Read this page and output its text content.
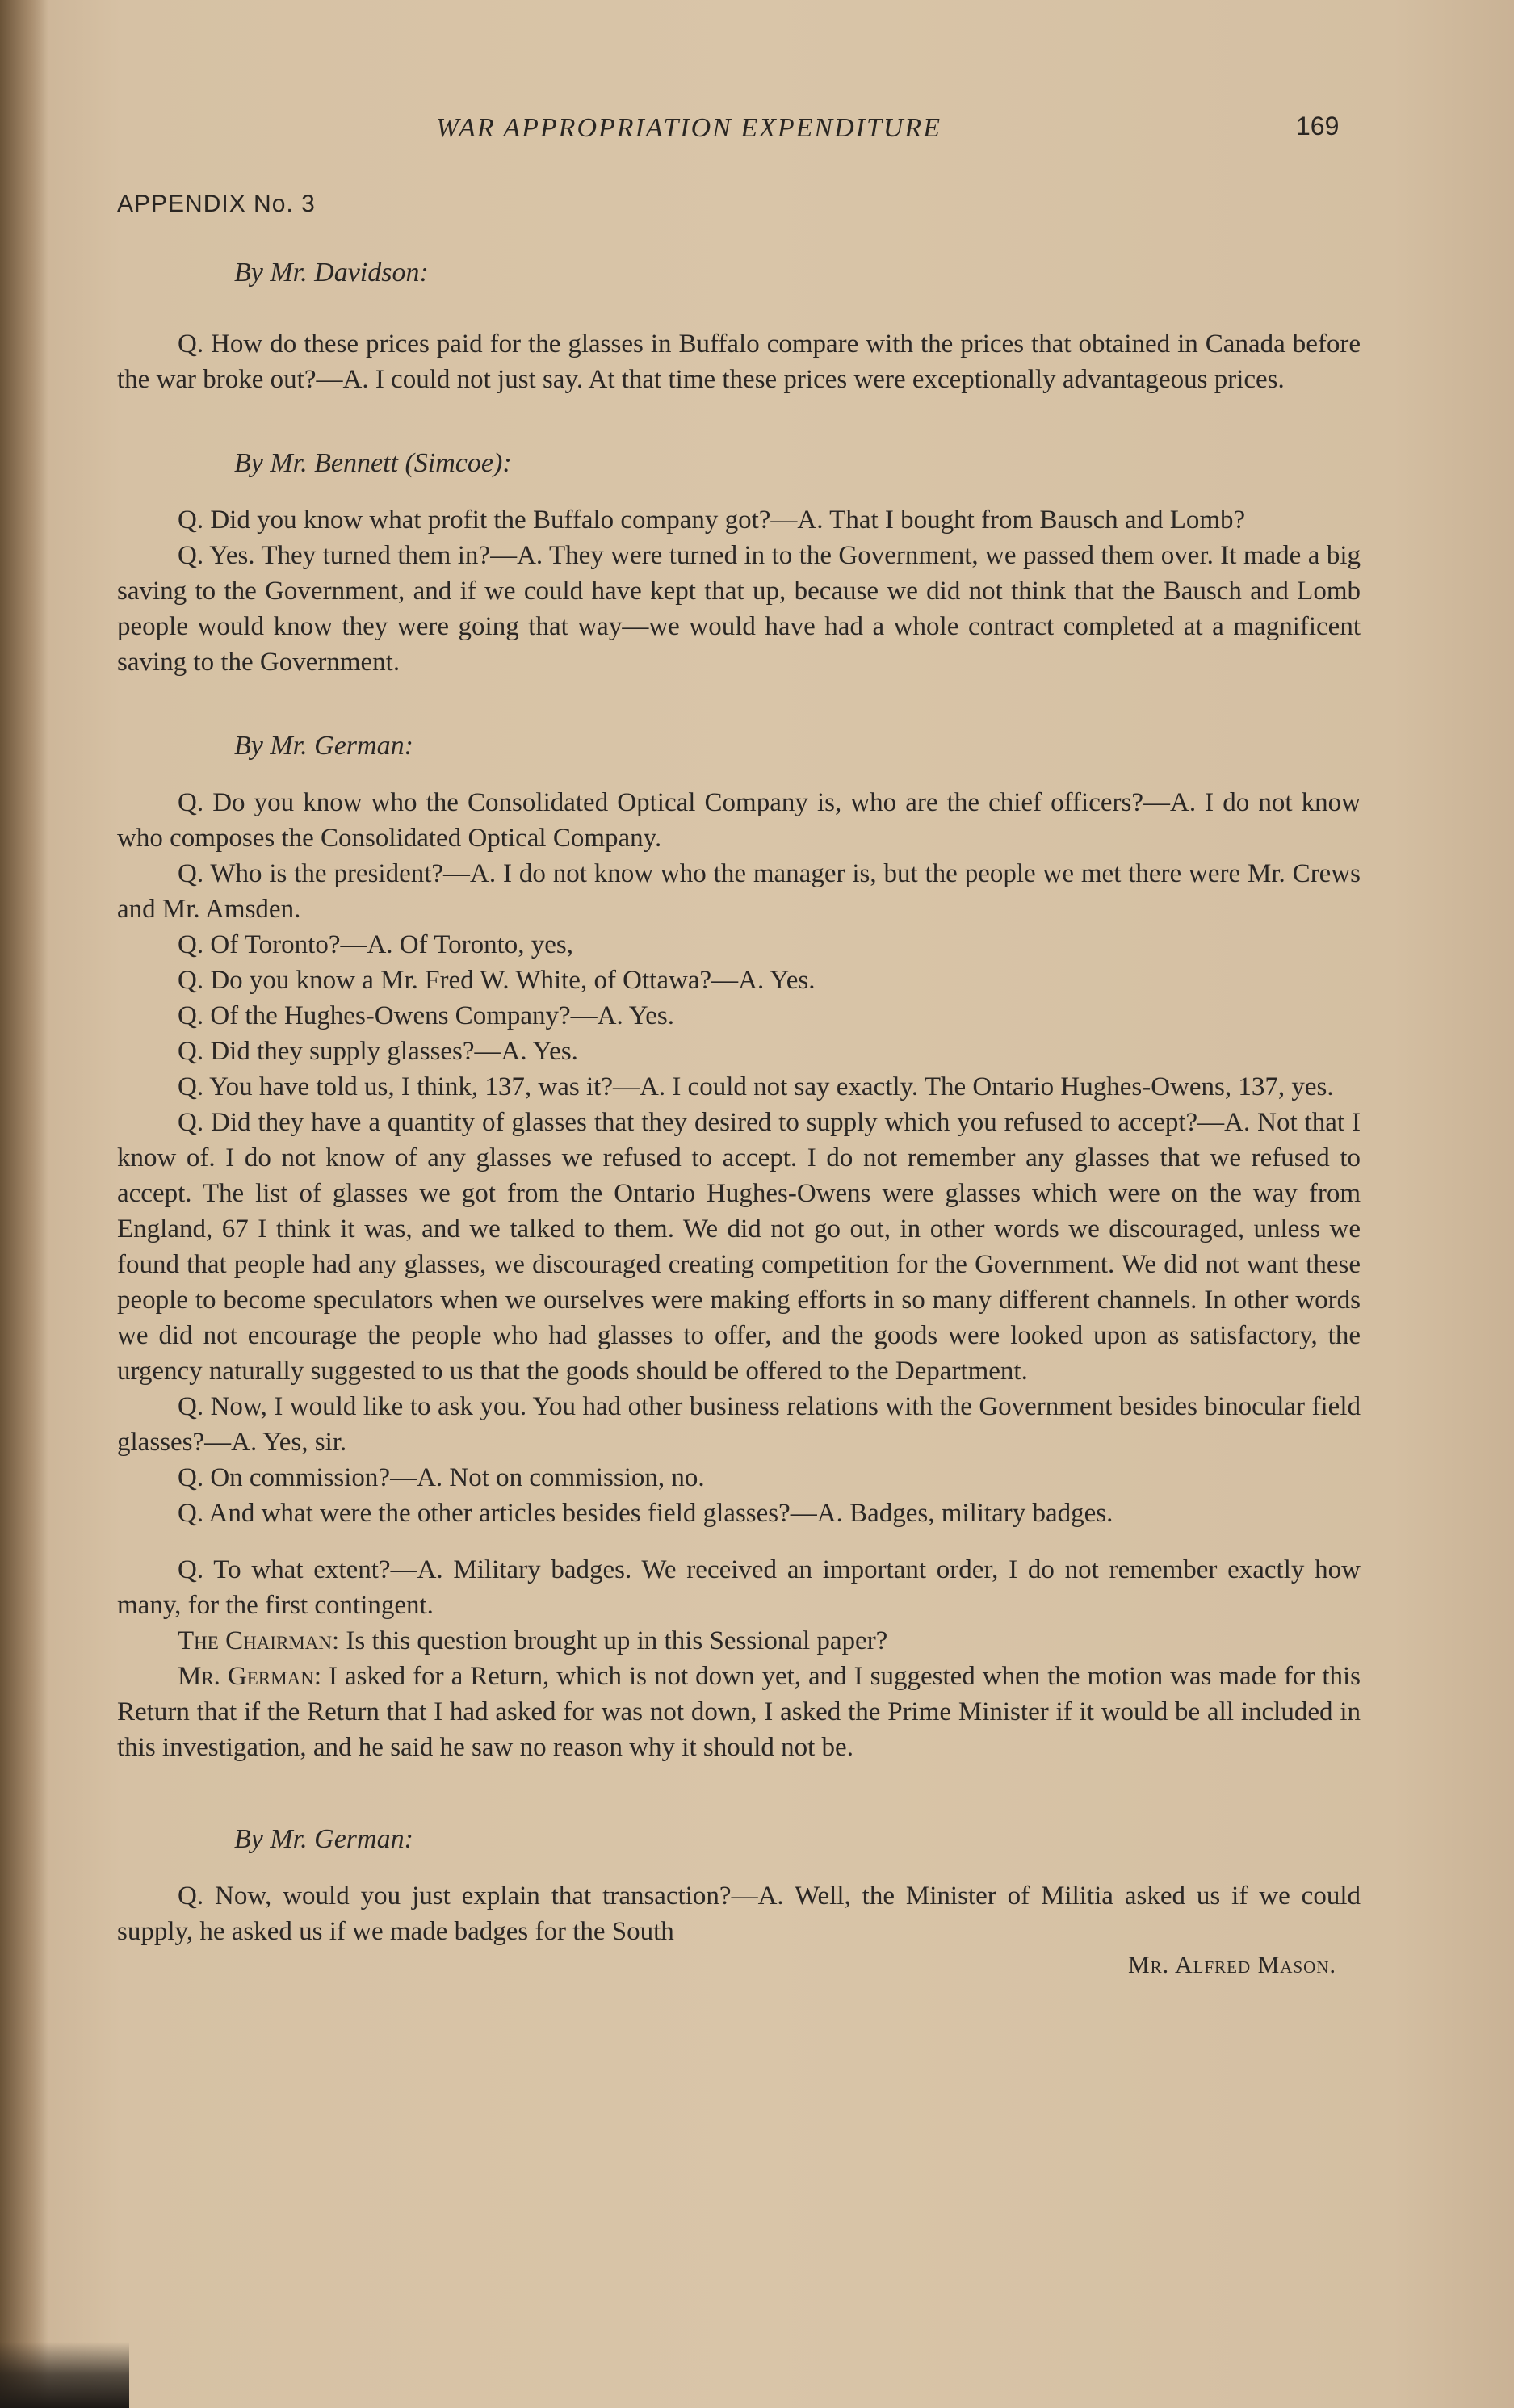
WAR APPROPRIATION EXPENDITURE	169
APPENDIX No. 3
By Mr. Davidson:

Q. How do these prices paid for the glasses in Buffalo compare with the prices that obtained in Canada before the war broke out?—A. I could not just say. At that time these prices were exceptionally advantageous prices.

By Mr. Bennett (Simcoe):

Q. Did you know what profit the Buffalo company got?—A. That I bought from Bausch and Lomb?

Q. Yes. They turned them in?—A. They were turned in to the Government, we passed them over. It made a big saving to the Government, and if we could have kept that up, because we did not think that the Bausch and Lomb people would know they were going that way—we would have had a whole contract completed at a magnificent saving to the Government.

By Mr. German:

Q. Do you know who the Consolidated Optical Company is, who are the chief officers?—A. I do not know who composes the Consolidated Optical Company.

Q. Who is the president?—A. I do not know who the manager is, but the people we met there were Mr. Crews and Mr. Amsden.

Q. Of Toronto?—A. Of Toronto, yes,

Q. Do you know a Mr. Fred W. White, of Ottawa?—A. Yes.

Q. Of the Hughes-Owens Company?—A. Yes.

Q. Did they supply glasses?—A. Yes.

Q. You have told us, I think, 137, was it?—A. I could not say exactly. The Ontario Hughes-Owens, 137, yes.

Q. Did they have a quantity of glasses that they desired to supply which you refused to accept?—A. Not that I know of. I do not know of any glasses we refused to accept. I do not remember any glasses that we refused to accept. The list of glasses we got from the Ontario Hughes-Owens were glasses which were on the way from England, 67 I think it was, and we talked to them. We did not go out, in other words we discouraged, unless we found that people had any glasses, we discouraged creating competition for the Government. We did not want these people to become speculators when we ourselves were making efforts in so many different channels. In other words we did not encourage the people who had glasses to offer, and the goods were looked upon as satisfactory, the urgency naturally suggested to us that the goods should be offered to the Department.

Q. Now, I would like to ask you. You had other business relations with the Government besides binocular field glasses?—A. Yes, sir.

Q. On commission?—A. Not on commission, no.

Q. And what were the other articles besides field glasses?—A. Badges, military badges.

Q. To what extent?—A. Military badges. We received an important order, I do not remember exactly how many, for the first contingent.

The Chairman: Is this question brought up in this Sessional paper?

Mr. German: I asked for a Return, which is not down yet, and I suggested when the motion was made for this Return that if the Return that I had asked for was not down, I asked the Prime Minister if it would be all included in this investigation, and he said he saw no reason why it should not be.

By Mr. German:

Q. Now, would you just explain that transaction?—A. Well, the Minister of Militia asked us if we could supply, he asked us if we made badges for the South

Mr. Alfred Mason.
